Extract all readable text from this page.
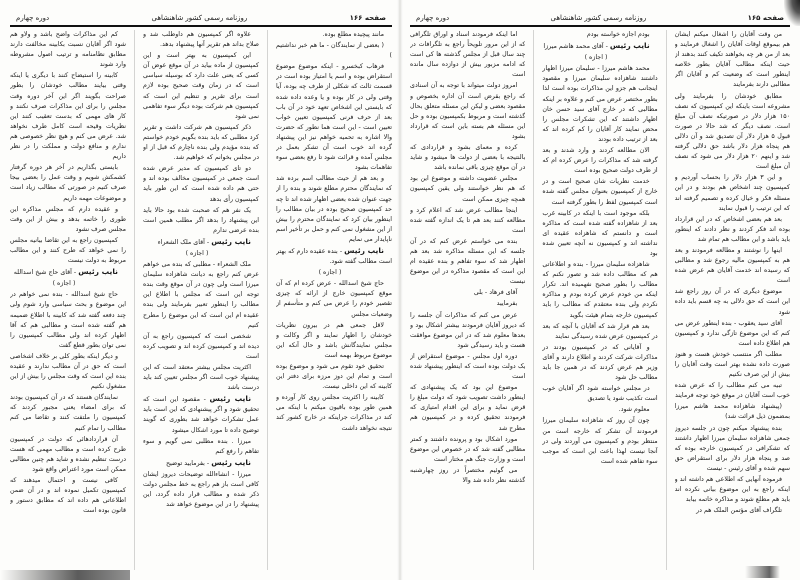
صفحه ۱۶۶
روزنامه رسمی کشور شاهنشاهی
دوره چهارم

مانند پیچیده مطلع بوده.

( بعضی از نمایندگان - ما هم خبر نداشتیم )

فرهاب کبخسرو - اینکه موضوع موضوع استقراض بوده و اسم یا امتیاز بوده است در قسمت ثالث که شکلی از طرف چه بوده، آیا وقتی ولی در کار بوده و یا وعده داده شده که بایستی این اشخاص تعهد خود در آن باب بعد از حرف فرنی کمپسیون تعیین خواب تعیین است - این است هما نطور که حضرت والا اشاره به تحمیه خواهم نیز این پیشنهاد گرده اند خوب است آن تشکر بعمل در مجلس آمده و قرائت شود تا رفع بعضی سوء تفاهمات بشود

و بعد هم از حیث مطالب اسم برده شد که نمایندگان محترم مطلع شوند و بنده را از جهت عنوان شده بعضی اظهار شده اند تا چه حد کمپسیون صحیح بوده در بیان مطالب را اینطور بیان کرد که نمایندگان محترم را بیش از این مشغول نمی کنم و حمل بر تأخیر اسم ناپایدار می نمایم

نایب رئیس - بنده عقیده دارم که بهتر است مطالب گفته شود.

( اجازه )

حاج شیخ اسدالله - عرض کرده ام که آن موقع کمپسیون خارج از ارائه که چیزی تقصیر خودم را عرض می کنم و متأسفم از وضعیات مجلس

لاقل جمعی هم در بیرون نظریات خودشان را اظهار نمایند و اگر وکالت و مجلس نمایندگانش باشد و حال آنکه این موضوع مربوط بهمه است

تحقیق خود تقوم می شود و موضوع بوده است و تمام این دوز مرزه برای دفتر این کابینه که این داخلی نیست.

کابینه را اکثریت مجلس روی کار آورده و همین طور بوده باقیون میکنم با اینکه می کند در مذاکرات جراینکه در خارج کشور کند نتیجه نخواهد داشت

علاوه اگر کمپسیون هم داوطلب شد و صلاح بداند هم تقریر آنها پیشنهاد بدهد.

این کمپسیون به بهتر است و این کمپسیون از ماده بیاید در آن موقع عوض آن کسی که یعنی علت دارد که بوسیله سیاسی است که در زمان وقت صحیح بوده لازم است برای تقریر و تنظیم این است که کمپسیون هم شرکت بوده دیگر سوء تفاهمی نمی شود

ذکر کمپسیون هم شرکت داشت و تقریر کرد مطلبی که باید بنده بگویم خودم خواستم که بنده مؤیدم ولی بنده ناچارم که قبل از او در مجلس بخوانم که خواهیم شد.

دو تای کمپسیون که مدیر عرض شده است جمعی در کمپسیون مخالف بوده اند و حتی هم داده شده است که این طور باید کمپسیون رأی بدهد

یک نفر هم که صحبت شده بود حالا باید این پیشنهاد را بدهد اگر مطلب همین است بنده عرضی ندارم

نایب رئیس - آقای ملک الشعراء

( اجازه )

ملک الشعراء - مطلبی که بنده می خواهم عرض کنم راجع به دیانت شاهزاده سلیمان میرزا است ولی چون در آن موقع وقت بنده توجه این است که مجلس با اطلاع این مطالب را اینطور تعبیر بفرمایند ولی بنده عقیده ام این است که این موضوع را مطرح کنیم

شخصی است که کمپسیون راجع به آن دیده اند و کمپسیون کرده اند و تصویب کرده است

اکثریت مجلس بیشتر معتقد است که این پیشنهاد خوب است اگر مجلس تعیین کند باید درست باشد

نایب رئیس - مقصود این است که تحقیق شود و اگر پیشنهادی که این است باید عمل تشکرات خواهد شد بطوری که گویند توضیح داده تا مورد اشکال میشود

میرزا . بنده مطلبی نمی گویم و سوء تفاهم را رفع کنم

نایب رئیس - بفرمایید توضیح

میرزا - انشاءالله توضیحات دیروز ایشان کافی است باز هم راجع به خط مجلس دولت ذکر شده و مطالب قرار داده گردد، این پیشنهاد را در این موضوع خواهد شد

کم این مذاکرات واضح باشد و ولاو هم شود اگر آقایان نسبت بکابینه مخالفت دارند مطابق نظامنامه و ترتیب اصول مشروطه وارد شوند

کابینه را استیضاح کنند با دیگری یا اینکه وقتی بیایند مطالب خودشان را بطور صراحت بگویند اگر این آخر دوره وقت مجلس را برای این مذاکرات صرف نکنند و کار های مهمی که بدست تعقیب کنند این نظریات وقیحه است کامل طرف نخواهد شد. عرض می کنم و هیچ نظر خصوصی هم ندارم و منافع دولت و مملکت را در نظر داریم

بایستی بگذاریم در آخر هر دوره گرفتار کشمکش شویم و وقت عمل را بعضی بیجا صرف کنیم در صورتی که مطالب زیاد است و موضوعات مهمه داریم

و عقیده دارم که مجلس مذاکره این طوری را خاتمه بدهد و بیش از این وقت مجلس صرف نشود

کمپسیون راجع به این تقاضا بیانیه مجلس را نمی خواهد که طرح کنند و این مطالب مربوط به دولت نیست

نایب رئیس - آقای حاج شیخ اسدالله

( اجازه )

حاج شیخ اسدالله - بنده نمی خواهم در این موضوع و بحث سیاسی وارد شوم ولی چند دفعه گفته شد که کابینه با اطلاع ضمیمه هم گفته شده است و مطالبی هم که آقا اظهار کرده اند ولی مطالب کمپسیون را نمی توان بطور قطع گفت

و دیگر اینکه بطور کلی بر خلاف اشخاصی است که حق در آن مطالب ندارند و عقیده بنده این است که وقت مجلس را بیش از این مشغول نکنیم

نمایندگان هستند که در آن کمپسیون بودند که برای امضاء یعنی مجبور کردند که کمپسیون را ملتفت کنند و تقاضا می کنم مطالب را تمام کنیم

آن قراردادهائی که دولت در کمپسیون طرح کرده است و مطالب مهمی که هست درست تنظیم نشده و شاید هم چنین مطالبی ممکن است مورد اعتراض واقع شود

کافی نیست و احتمال میدهند که کمپسیون تکمیل نموده اند و در آن ضمن اطلاعاتی هم داده اند که مطابق دستور و قانون بوده است

صفحه ۱۶۵
روزنامه رسمی کشور شاهنشاهی
دوره چهارم

من وقت آقایان را اشغال میکنم ایشان هم بیموقع اوقات آقایان را اشغال فرمایند و بعد از من هر چه بخواهند تکیف کنند بدهند از حیث اینکه مطالب آقایان بطور خلاصه اینطور است که وضعیت کم و آقایان اگر مطالبی دارند بفرمایند

مطابق خودشان را بفرمایند ولی مشروعه است باینکه این کمپسیون که نصف ۱۵۰ هزار دلار در صورتیکه نصف آن مبلغ است. نصف دیگر که شد حالا در صورت قبول ۵ هزار دلار آن تصدیق شد و آن دلالی هم پنجاه هزار دلار باشد حق دلالی گرفته شد و اینهم ۲۰ هزار دلار می شود که نصف آن مبلغ است

و این ۳ هزار دلار را بحساب آوردیم و کمپسیون چند اشخاص هم بودند و در این مسئله فکر و خیال کرده و تصمیم گرفته اند که این ترتیب را قبول نمایند

بعد هم بعضی اشخاص که در این قرارداد بوده اند فکر کردند و نظر دادند که اینطور باید باشد و این مطالب هم تمام شد

اینها را نوشتند و مطالعه فرمودند و بعد هم به کمپسیون مالیه رجوع شد و مطالبی که رسیده اند خدمت آقایان هم عرض شده است

موضوع دیگری که در آن روز راجع شد این است که حق دلالی به چه قسم باید داده شود

آقای سید یعقوب - بنده اینطور عرض می کنم که این موضوع تازگی ندارد و کمپسیون هم اطلاع داده است

مطلب اگر منتسب خودش هست و هنوز صورت داده نشده بهتر است وقت آقایان را بیش از این صرف نکنیم

تبیه می کنم مطالب را که عرض شده خوب است آقایان در موقع خود توجه فرمایند

(پیشنهاد شاهزاده محمد هاشم میرزا بمضمون ذیل قرائت شد)

بنده پیشنهاد میکنم چون در جلسه دیروز جمعی شاهزاده سلیمان میرزا اظهار داشتند که تشکرافی در کمپسیون خارجه بوده که صد و پنجاه هزار دلار برای استقراض حق سهم شده و آقای رئیس - نیست

فرموده آنهایی که اطلاعی هم داشته اند و اینکه راجع به این موضوع بیانی نکرده اند باید هم مطلع شوند و مذاکره خاتمه بیابد

تلگراف آقای مؤتمن الملک هم در

بودم اجازه خواسته بودم

نایب رئیس - آقای محمد هاشم میرزا

( اجازه )

محمد هاشم میرزا - سلیمان میرزا اظهار داشتند شاهزاده سلیمان میرزا و مقصود اینجانب هم جزو این مذاکرات بوده است لذا بطور مختصر عرض می کنم و علاوه بر اینکه مطالبی که در خارج آقای سید حسن خان اظهار داشتند که این تشکرات مجلس را محض نمایند کار آقایان را کم کرده اند که بعد از ترتیب داده بودند

الان مطالعه کردند و وارد شدند و بعد گرفته شد که مذاکرات را عرض کرده ام که از طرف دولت صحیح بوده است

خدمت نظریات شان صحیح است و در خارج از کمپسیون بعنوان مجلس گفته شده است کمپسیون لفظ را بطور گرفته است

بلکه موجود است با اینکه در کابینه غرب بعد از شاهزاده گفته شده است که مذاکره است و دانستم که شاهزاده عقیده ای نداشته اند و کمپسیون نه آنچه تعیین شده بود

شاهزاده سلیمان میرزا - بنده و اطلاعاتی هم که مطالب داده شد و تصور نکنم که مطالب را بطور صحیح نفهمیده اند. تکرار اینکه من خودم عرض کرده بودم و مذاکره نکردم ولی بنده معتقدم که مطالب را باید کمپسیون خارجه بتمام هیئت بگوید

بعد هم قرار شد که آقایان با آنچه که بعد در کمپسیون عرض شده رسیدگی نمایند

و آقایانی که در کمپسیون بودند در مذاکرات شرکت کردند و اطلاع دارند و آقای وزیر هم عرض کردند که در همین جا باید مطالب حل شود

در مجلس خواسته شود اگر آقایان خوب است تکذیب شود یا تصدیق

معلوم شود.

چون آن روز که شاهزاده سلیمان میرزا فرمودند آن تشکر که خارجه است من منتظر بودم و کمپسیون می آوردند ولی در آنجا نیست لهذا باعث این است که موجب سوء تفاهم شده است

اما اینکه فرمودند اسناد و اوراق تلگرافی که از این مرور تلویحاً راجع به تلگرافات در چند سال قبل از مجلس گذشته ها کی است که ادامه مزبور بیش از دوازده سال مانده است

امروز دولت میتواند با توجه به آن اسنادی که راجع بقرض است آن اداره بخصوص و مقصود بعضی و لیکن این مسئله متعلق بحال گذشته است و مربوط بکمپسیون بوده و حل این مسئله هم بسته باین است که قرارداد بشود

کرده و معمای بشود و قراردادی که بالنتیجه با بعضی از دولت ها میشود و شاید در آن موقع چیزی باقی نمانده باشد

مجلس عضویت داشته و موضوع این بود که هم نظر خواستند ولی یقین کمپسیون همچه چیزی ممکن است

اینجا مطالب عرض شد که اعلام کرد و مطالعه کنند بعد هم تا یک اندازه گفته شده است

بنده می خواستم عرض کنم که در آن جلسه که این مسئله مذاکره شد بعد هم اظهار شد که سوء تفاهم و بنده عقیده ام این است که مقصود مذاکره در این موضوع نیست

آقای فرهاد - بلی

بفرمایید

عرض می کنم که مذاکرات آن جلسه را که دیروز آقایان فرمودند بیشتر اشکال بود و بعدها معلوم شد که در این موضوع موافقت هست و باید رسیدگی شود

دوره اول مجلس - موضوع استقراض از یک دولت بوده است که اینطور پیشنهاد شده است

موضوع این بود که یک پیشنهادی که اینطور داشت تصویب شود که دولت مبلغ را قرض نماید و برای این اقدام امتیازی که فرمودند تحقیق کرده و در کمپسیون هم مطرح شد

مورد اشکال بود و پرونده داشتند و کمتر مطالبی گفته شد که در خصوص این موضوع است و وزارت جنگ هم مختار است

می گوئیم مختصراً در روز چهارشنبه گذشته نظر داده شد والا
